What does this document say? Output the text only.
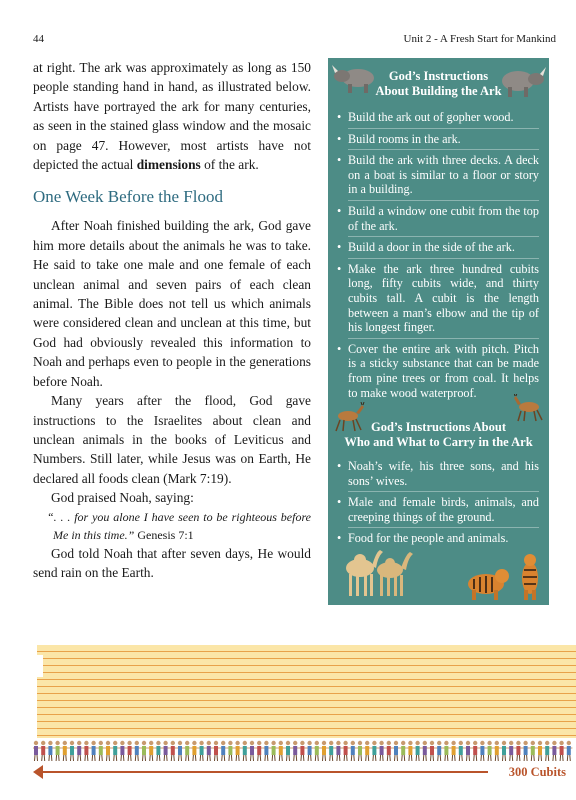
44	Unit 2 - A Fresh Start for Mankind

at right. The ark was approximately as long as 150 people standing hand in hand, as illustrated below. Artists have portrayed the ark for many centuries, as seen in the stained glass window and the mosaic on page 47. However, most artists have not depicted the actual dimensions of the ark.

One Week Before the Flood

After Noah finished building the ark, God gave him more details about the animals he was to take. He said to take one male and one female of each unclean animal and seven pairs of each clean animal. The Bible does not tell us which animals were considered clean and unclean at this time, but God had obviously revealed this information to Noah and perhaps even to people in the generations before Noah.

Many years after the flood, God gave instructions to the Israelites about clean and unclean animals in the books of Leviticus and Numbers. Still later, while Jesus was on Earth, He declared all foods clean (Mark 7:19).

God praised Noah, saying:

“. . . for you alone I have seen to be righteous before Me in this time.” Genesis 7:1

God told Noah that after seven days, He would send rain on the Earth.

God’s Instructions
About Building the Ark
• Build the ark out of gopher wood.
• Build rooms in the ark.
• Build the ark with three decks. A deck on a boat is similar to a floor or story in a building.
• Build a window one cubit from the top of the ark.
• Build a door in the side of the ark.
• Make the ark three hundred cubits long, fifty cubits wide, and thirty cubits tall. A cubit is the length between a man’s elbow and the tip of his longest finger.
• Cover the entire ark with pitch. Pitch is a sticky substance that can be made from pine trees or from coal. It helps to make wood waterproof.
God’s Instructions About
Who and What to Carry in the Ark
• Noah’s wife, his three sons, and his sons’ wives.
• Male and female birds, animals, and creeping things of the ground.
• Food for the people and animals.
300 Cubits
